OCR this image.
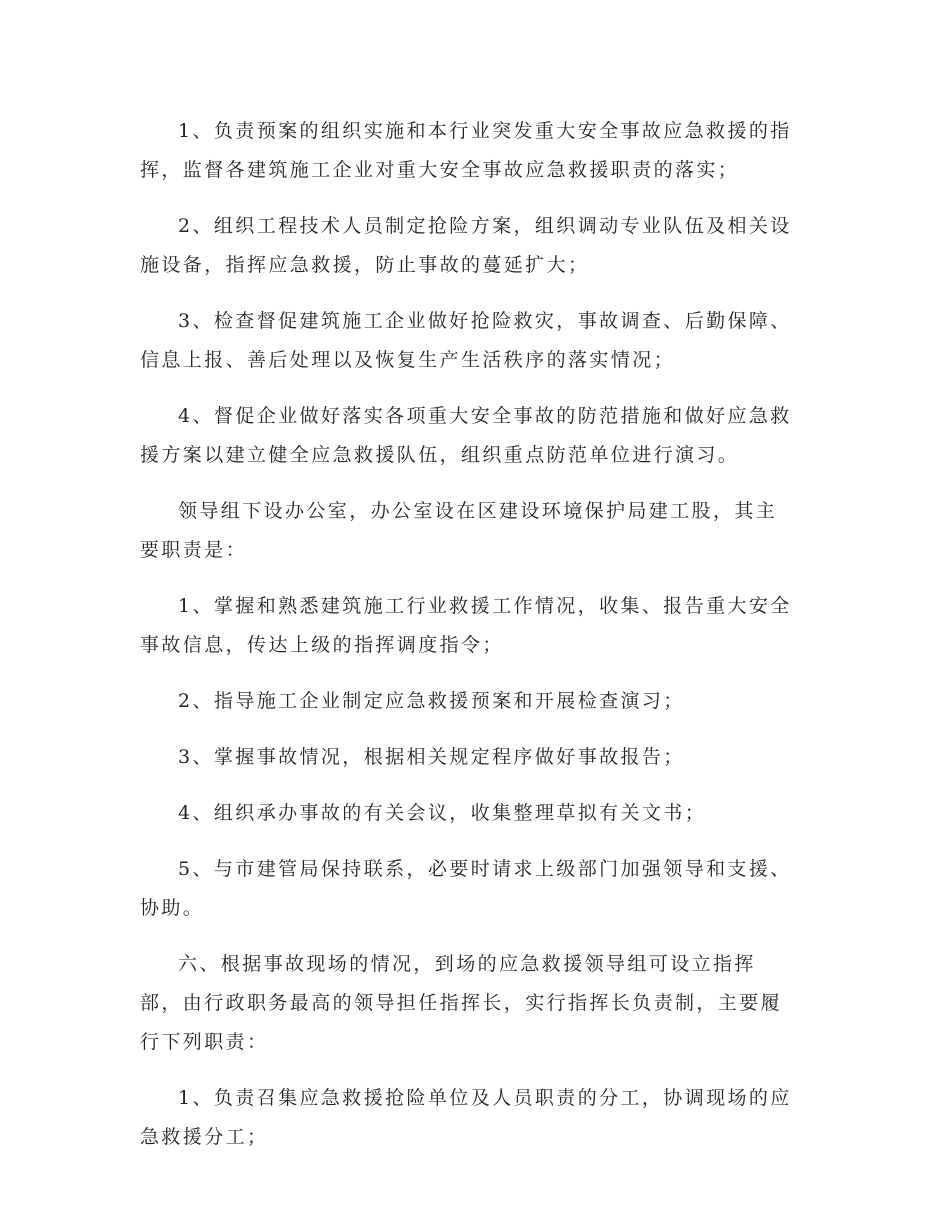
1、负责预案的组织实施和本行业突发重大安全事故应急救援的指
挥，监督各建筑施工企业对重大安全事故应急救援职责的落实；

2、组织工程技术人员制定抢险方案，组织调动专业队伍及相关设
施设备，指挥应急救援，防止事故的蔓延扩大；

3、检查督促建筑施工企业做好抢险救灾，事故调查、后勤保障、
信息上报、善后处理以及恢复生产生活秩序的落实情况；

4、督促企业做好落实各项重大安全事故的防范措施和做好应急救
援方案以建立健全应急救援队伍，组织重点防范单位进行演习。

领导组下设办公室，办公室设在区建设环境保护局建工股，其主
要职责是：

1、掌握和熟悉建筑施工行业救援工作情况，收集、报告重大安全
事故信息，传达上级的指挥调度指令；

2、指导施工企业制定应急救援预案和开展检查演习；

3、掌握事故情况，根据相关规定程序做好事故报告；

4、组织承办事故的有关会议，收集整理草拟有关文书；

5、与市建管局保持联系，必要时请求上级部门加强领导和支援、
协助。

六、根据事故现场的情况，到场的应急救援领导组可设立指挥
部，由行政职务最高的领导担任指挥长，实行指挥长负责制，主要履
行下列职责：

1、负责召集应急救援抢险单位及人员职责的分工，协调现场的应
急救援分工；
